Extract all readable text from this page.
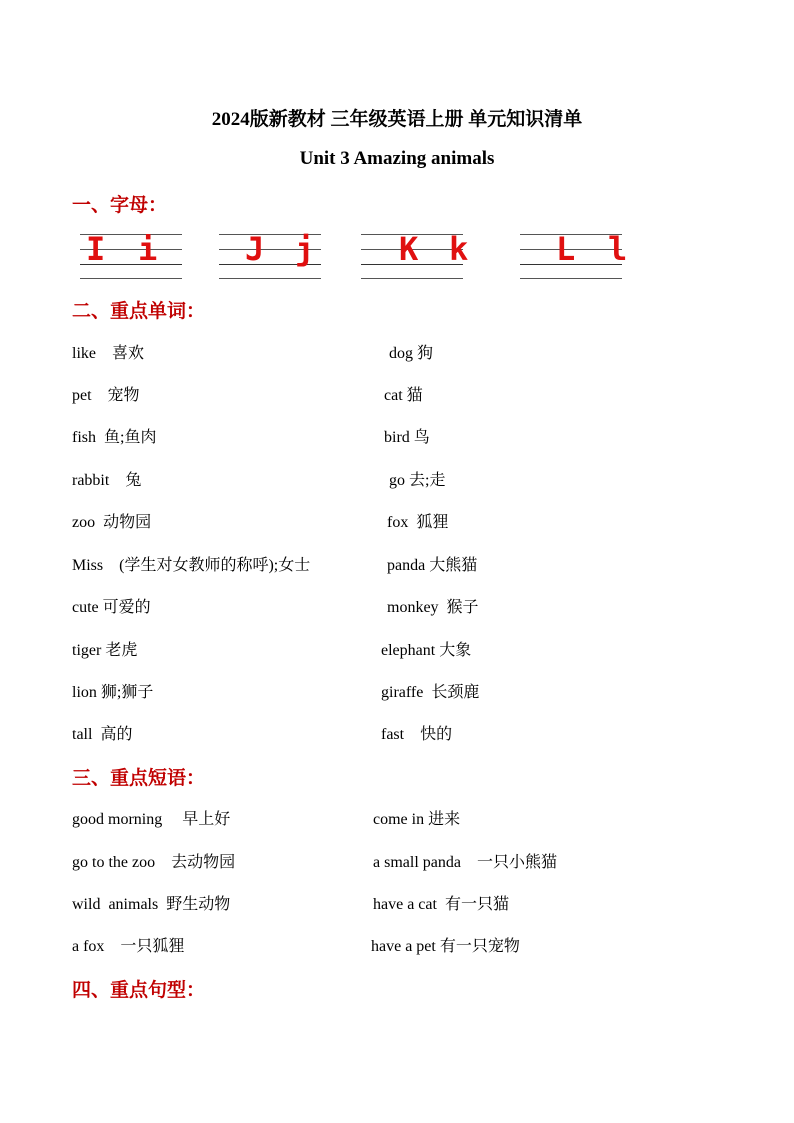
2024版新教材 三年级英语上册 单元知识清单
Unit 3 Amazing animals
一、字母：
I i	J j	K k	L l
二、重点单词：
like    喜欢	dog 狗
pet    宠物	cat 猫
fish  鱼;鱼肉	bird 鸟
rabbit    兔	go 去;走
zoo  动物园	fox  狐狸
Miss    (学生对女教师的称呼);女士	panda 大熊猫
cute 可爱的	monkey  猴子
tiger 老虎	elephant 大象
lion 狮;狮子	giraffe  长颈鹿
tall  高的	fast    快的
三、重点短语：
good morning     早上好	come in 进来
go to the zoo    去动物园	a small panda    一只小熊猫
wild  animals  野生动物	have a cat  有一只猫
a fox    一只狐狸	have a pet 有一只宠物
四、重点句型：
